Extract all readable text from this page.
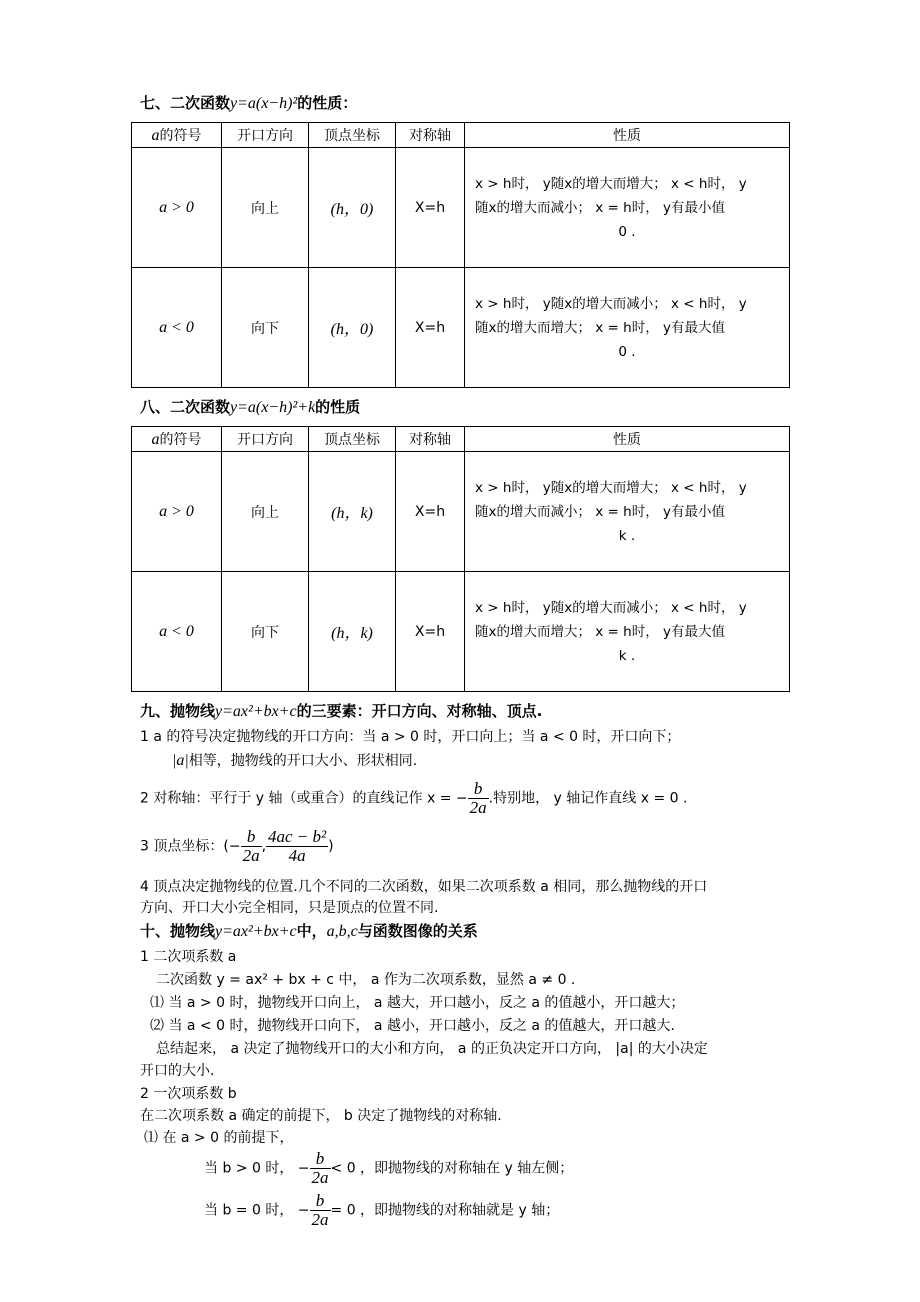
七、二次函数y=a(x−h)²的性质：
a的符号	开口方向	顶点坐标	对称轴	性质
a > 0	向上	(h，0)	X=h	x > h时， y随x的增大而增大； x < h时， y
随x的增大而减小； x = h时， y有最小值
0 .

a < 0	向下	(h，0)	X=h	x > h时， y随x的增大而减小； x < h时， y
随x的增大而增大； x = h时， y有最大值
0 .
八、二次函数y=a(x−h)²+k的性质
a的符号	开口方向	顶点坐标	对称轴	性质
a > 0	向上	(h，k)	X=h	x > h时， y随x的增大而增大； x < h时， y
随x的增大而减小； x = h时， y有最小值
k .

a < 0	向下	(h，k)	X=h	x > h时， y随x的增大而减小； x < h时， y
随x的增大而增大； x = h时， y有最大值
k .
九、抛物线y=ax²+bx+c的三要素：开口方向、对称轴、顶点.
1 a 的符号决定抛物线的开口方向：当 a > 0 时，开口向上；当 a < 0 时，开口向下；
|a|相等，抛物线的开口大小、形状相同.
2 对称轴：平行于 y 轴（或重合）的直线记作 x = − $\frac{b}{2a}$ .特别地， y 轴记作直线 x = 0 .
3 顶点坐标：(− $\frac{b}{2a}$ , $\frac{\text{4ac − b²}}{4a}$ )
4 顶点决定抛物线的位置.几个不同的二次函数，如果二次项系数 a 相同，那么抛物线的开口
方向、开口大小完全相同，只是顶点的位置不同.
十、抛物线y=ax²+bx+c中，a,b,c与函数图像的关系
1 二次项系数 a
二次函数 y = ax² + bx + c 中， a 作为二次项系数，显然 a ≠ 0 .
⑴ 当 a > 0 时，抛物线开口向上， a 越大，开口越小，反之 a 的值越小，开口越大；
⑵ 当 a < 0 时，抛物线开口向下， a 越小，开口越小，反之 a 的值越大，开口越大.
总结起来， a 决定了抛物线开口的大小和方向， a 的正负决定开口方向， |a| 的大小决定
开口的大小.
2 一次项系数 b
在二次项系数 a 确定的前提下， b 决定了抛物线的对称轴.
⑴ 在 a > 0 的前提下，
当 b > 0 时， − $\frac{b}{2a} < 0$ ，即抛物线的对称轴在 y 轴左侧；
当 b = 0 时， − $\frac{b}{2a} = 0$ ，即抛物线的对称轴就是 y 轴；
